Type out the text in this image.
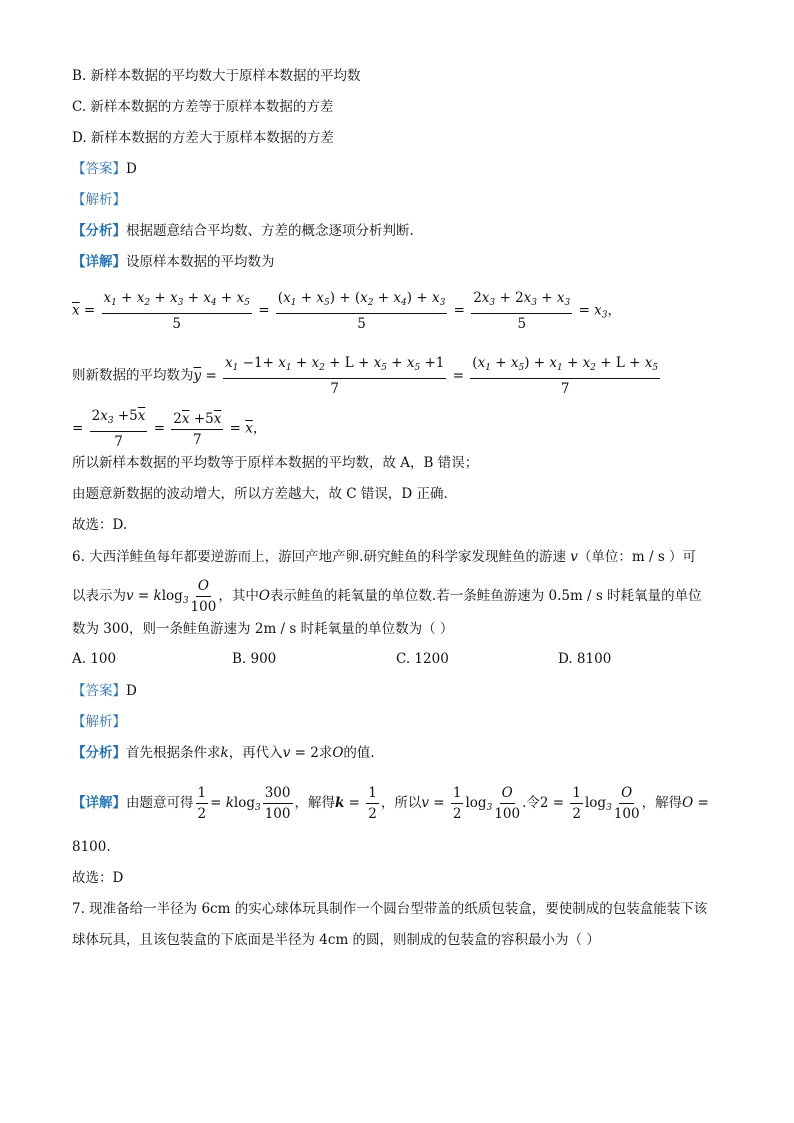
B. 新样本数据的平均数大于原样本数据的平均数
C. 新样本数据的方差等于原样本数据的方差
D. 新样本数据的方差大于原样本数据的方差
【答案】D
【解析】
【分析】根据题意结合平均数、方差的概念逐项分析判断.
【详解】设原样本数据的平均数为
$\overline{x} = \frac{x_1 + x_2 + x_3 + x_4 + x_5}{5} = \frac{(x_1 + x_5) + (x_2 + x_4) + x_3}{5} = \frac{2x_3 + 2x_3 + x_3}{5} = x_3$，
则新数据的平均数为$\overline{y} = \frac{x_1 -1+ x_1 + x_2 + L + x_5 + x_5 +1}{7} = \frac{(x_1 + x_5) + x_1 + x_2 + L + x_5}{7}$
= $\frac{2x_3 +5\overline{x}}{7} = \frac{2\overline{x} +5\overline{x}}{7} = \overline{x}$，
所以新样本数据的平均数等于原样本数据的平均数，故 A，B 错误；
由题意新数据的波动增大，所以方差越大，故 C 错误，D 正确．
故选：D.
6. 大西洋鲑鱼每年都要逆游而上，游回产地产卵.研究鲑鱼的科学家发现鲑鱼的游速 v（单位：m / s ）可
以表示为$v = klog_3 \frac{O}{100}$ ，其中O表示鲑鱼的耗氧量的单位数.若一条鲑鱼游速为 0.5m / s 时耗氧量的单位
数为 300，则一条鲑鱼游速为 2m / s 时耗氧量的单位数为（ ）
A. 100	B. 900	C. 1200	D. 8100
【答案】D
【解析】
【分析】首先根据条件求k，再代入v = 2求O的值.
【详解】由题意可得 $\frac{1}{2} = klog_3 \frac{300}{100}$ ，解得$k = \frac{1}{2}$ ，所以$v = \frac{1}{2} \log_3 \frac{O}{100}$ .令$2 = \frac{1}{2} \log_3 \frac{O}{100}$ ，解得O =
8100.
故选：D
7. 现准备给一半径为 6cm 的实心球体玩具制作一个圆台型带盖的纸质包装盒，要使制成的包装盒能装下该
球体玩具，且该包装盒的下底面是半径为 4cm 的圆，则制成的包装盒的容积最小为（ ）
